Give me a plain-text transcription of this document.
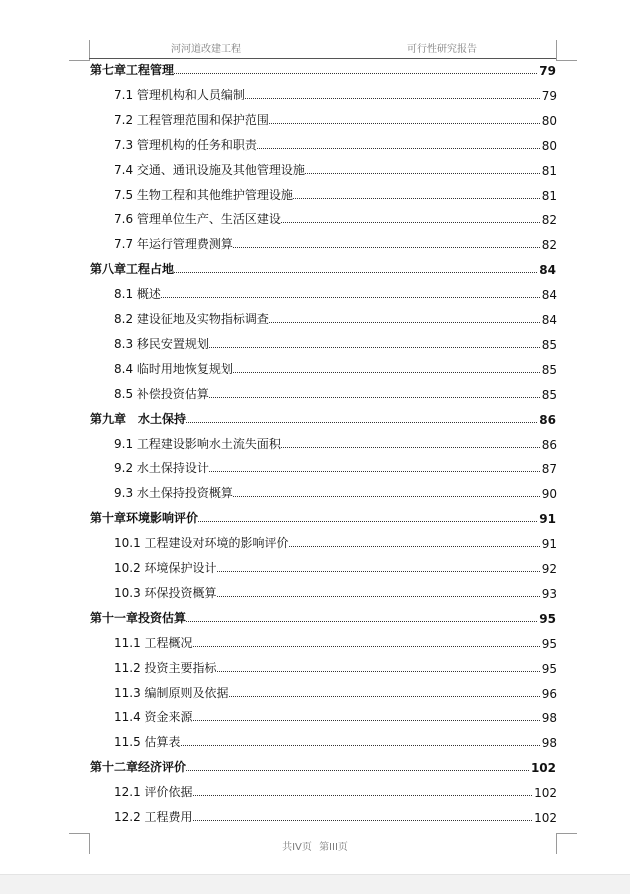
河河道改建工程	可行性研究报告
第七章工程管理	79
7.1 管理机构和人员编制	79
7.2 工程管理范围和保护范围	80
7.3 管理机构的任务和职责	80
7.4 交通、通讯设施及其他管理设施	81
7.5 生物工程和其他维护管理设施	81
7.6 管理单位生产、生活区建设	82
7.7 年运行管理费测算	82
第八章工程占地	84
8.1 概述	84
8.2 建设征地及实物指标调查	84
8.3 移民安置规划	85
8.4 临时用地恢复规划	85
8.5 补偿投资估算	85
第九章　水土保持	86
9.1 工程建设影响水土流失面积	86
9.2 水土保持设计	87
9.3 水土保持投资概算	90
第十章环境影响评价	91
10.1 工程建设对环境的影响评价	91
10.2 环境保护设计	92
10.3 环保投资概算	93
第十一章投资估算	95
11.1 工程概况	95
11.2 投资主要指标	95
11.3 编制原则及依据	96
11.4 资金来源	98
11.5 估算表	98
第十二章经济评价	102
12.1 评价依据	102
12.2 工程费用	102
共IV页 第III页
